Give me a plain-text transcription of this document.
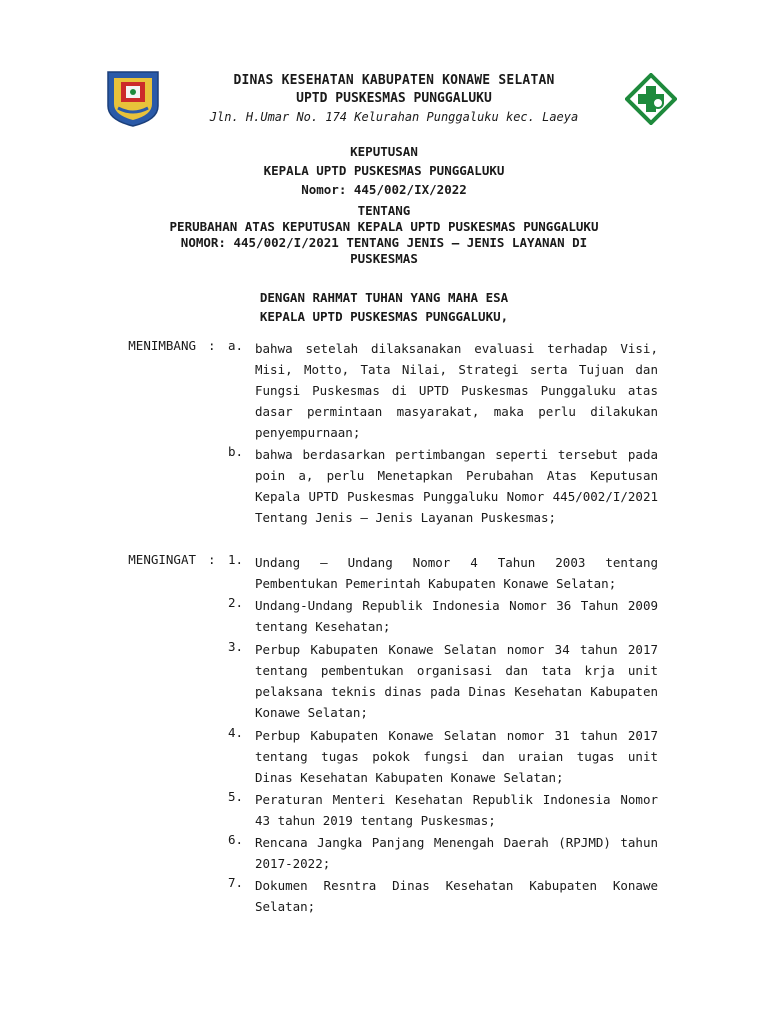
DINAS KESEHATAN KABUPATEN KONAWE SELATAN
UPTD PUSKESMAS PUNGGALUKU
Jln. H.Umar No. 174 Kelurahan Punggaluku kec. Laeya
KEPUTUSAN
KEPALA UPTD PUSKESMAS PUNGGALUKU
Nomor: 445/002/IX/2022
TENTANG
PERUBAHAN ATAS KEPUTUSAN KEPALA UPTD PUSKESMAS PUNGGALUKU
NOMOR: 445/002/I/2021 TENTANG JENIS – JENIS LAYANAN DI
PUSKESMAS
DENGAN RAHMAT TUHAN YANG MAHA ESA
KEPALA UPTD PUSKESMAS PUNGGALUKU,
MENIMBANG : a. bahwa setelah dilaksanakan evaluasi terhadap Visi, Misi, Motto, Tata Nilai, Strategi serta Tujuan dan Fungsi Puskesmas di UPTD Puskesmas Punggaluku atas dasar permintaan masyarakat, maka perlu dilakukan penyempurnaan;
b. bahwa berdasarkan pertimbangan seperti tersebut pada poin a, perlu Menetapkan Perubahan Atas Keputusan Kepala UPTD Puskesmas Punggaluku Nomor 445/002/I/2021 Tentang Jenis – Jenis Layanan Puskesmas;
MENGINGAT : 1. Undang – Undang Nomor 4 Tahun 2003 tentang Pembentukan Pemerintah Kabupaten Konawe Selatan;
2. Undang-Undang Republik Indonesia Nomor 36 Tahun 2009 tentang Kesehatan;
3. Perbup Kabupaten Konawe Selatan nomor 34 tahun 2017 tentang pembentukan organisasi dan tata krja unit pelaksana teknis dinas pada Dinas Kesehatan Kabupaten Konawe Selatan;
4. Perbup Kabupaten Konawe Selatan nomor 31 tahun 2017 tentang tugas pokok fungsi dan uraian tugas unit Dinas Kesehatan Kabupaten Konawe Selatan;
5. Peraturan Menteri Kesehatan Republik Indonesia Nomor 43 tahun 2019 tentang Puskesmas;
6. Rencana Jangka Panjang Menengah Daerah (RPJMD) tahun 2017-2022;
7. Dokumen Resntra Dinas Kesehatan Kabupaten Konawe Selatan;
